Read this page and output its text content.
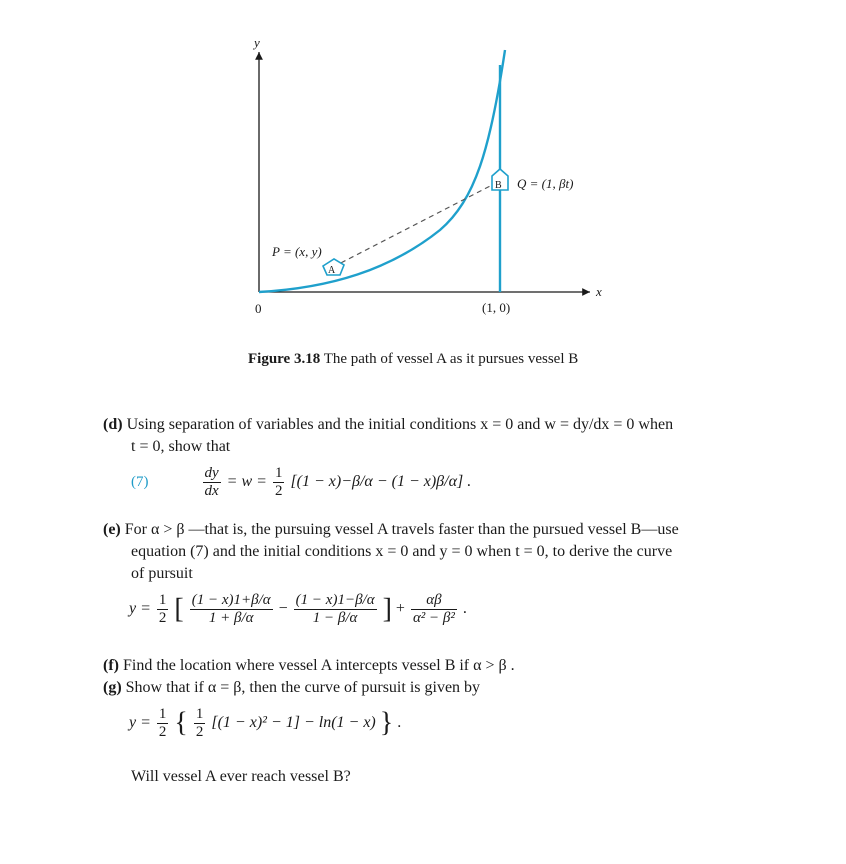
A
B
y
x
0
P = (x, y)
Q = (1, βt)
(1, 0)
Figure 3.18 The path of vessel A as it pursues vessel B
(d) Using separation of variables and the initial conditions x = 0 and w = dy/dx = 0 when
t = 0, show that
(7)	$\frac{dy}{dx} = w = \frac{1}{2} [(1 - x)-\beta/\alpha - (1 - x)\beta/\alpha]$ .
(e) For α > β —that is, the pursuing vessel A travels faster than the pursued vessel B—use
equation (7) and the initial conditions x = 0 and y = 0 when t = 0, to derive the curve
of pursuit
$y = \frac{1}{2}$ [ $\frac{(1 - x)1+\beta/\alpha}{1 + \beta/\alpha} - \frac{(1 - x)1-\beta/\alpha}{1 - \beta/\alpha}$ ] + $\frac{\alpha\beta}{\text{α² − β²}}$ .
(f) Find the location where vessel A intercepts vessel B if α > β .
(g) Show that if α = β, then the curve of pursuit is given by
$y = \frac{1}{2}$ { $\frac{1}{2} [(1 - x)^2 - 1] - \ln(1 - x)$ } .
Will vessel A ever reach vessel B?
